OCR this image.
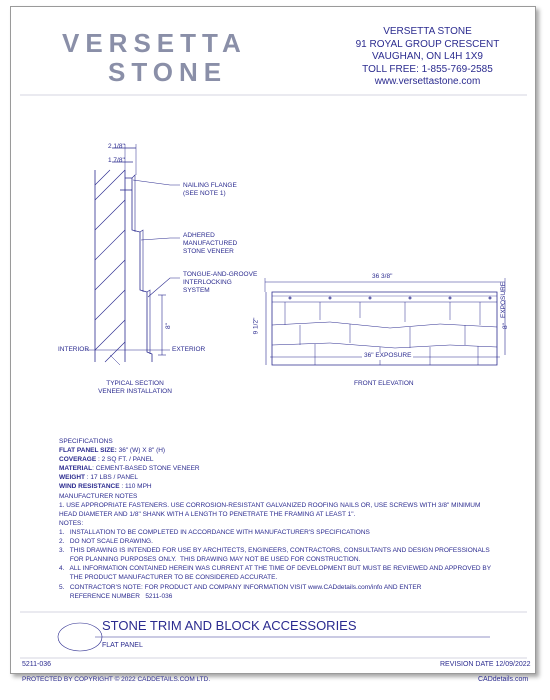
VERSETTA
STONE
VERSETTA STONE
91 ROYAL GROUP CRESCENT
VAUGHAN, ON L4H 1X9
TOLL FREE: 1-855-769-2585
www.versettastone.com
2 1/8"
1 7/8"
NAILING FLANGE
(SEE NOTE 1)
ADHERED
MANUFACTURED
STONE VENEER
TONGUE-AND-GROOVE
INTERLOCKING
SYSTEM
8"
INTERIOR	EXTERIOR
TYPICAL SECTION
VENEER INSTALLATION
36 3/8"
9 1/2"	8"
EXPOSURE
36" EXPOSURE
FRONT ELEVATION
SPECIFICATIONS
FLAT PANEL SIZE: 36" (W) X 8" (H)
COVERAGE : 2 SQ FT. / PANEL
MATERIAL: CEMENT-BASED STONE VENEER
WEIGHT : 17 LBS / PANEL
WIND RESISTANCE : 110 MPH
MANUFACTURER NOTES
1. USE APPROPRIATE FASTENERS. USE CORROSION-RESISTANT GALVANIZED ROOFING NAILS OR, USE SCREWS WITH 3/8" MINIMUM
HEAD DIAMETER AND 1/8" SHANK WITH A LENGTH TO PENETRATE THE FRAMING AT LEAST 1".
NOTES:
1.   INSTALLATION TO BE COMPLETED IN ACCORDANCE WITH MANUFACTURER'S SPECIFICATIONS
2.   DO NOT SCALE DRAWING.
3.   THIS DRAWING IS INTENDED FOR USE BY ARCHITECTS, ENGINEERS, CONTRACTORS, CONSULTANTS AND DESIGN PROFESSIONALS
FOR PLANNING PURPOSES ONLY.  THIS DRAWING MAY NOT BE USED FOR CONSTRUCTION.
4.   ALL INFORMATION CONTAINED HEREIN WAS CURRENT AT THE TIME OF DEVELOPMENT BUT MUST BE REVIEWED AND APPROVED BY
THE PRODUCT MANUFACTURER TO BE CONSIDERED ACCURATE.
5.   CONTRACTOR'S NOTE: FOR PRODUCT AND COMPANY INFORMATION VISIT www.CADdetails.com/info AND ENTER
REFERENCE NUMBER   5211-036
STONE TRIM AND BLOCK ACCESSORIES
FLAT PANEL
5211-036	REVISION DATE 12/09/2022
PROTECTED BY COPYRIGHT © 2022 CADDETAILS.COM LTD.	CADdetails.com
